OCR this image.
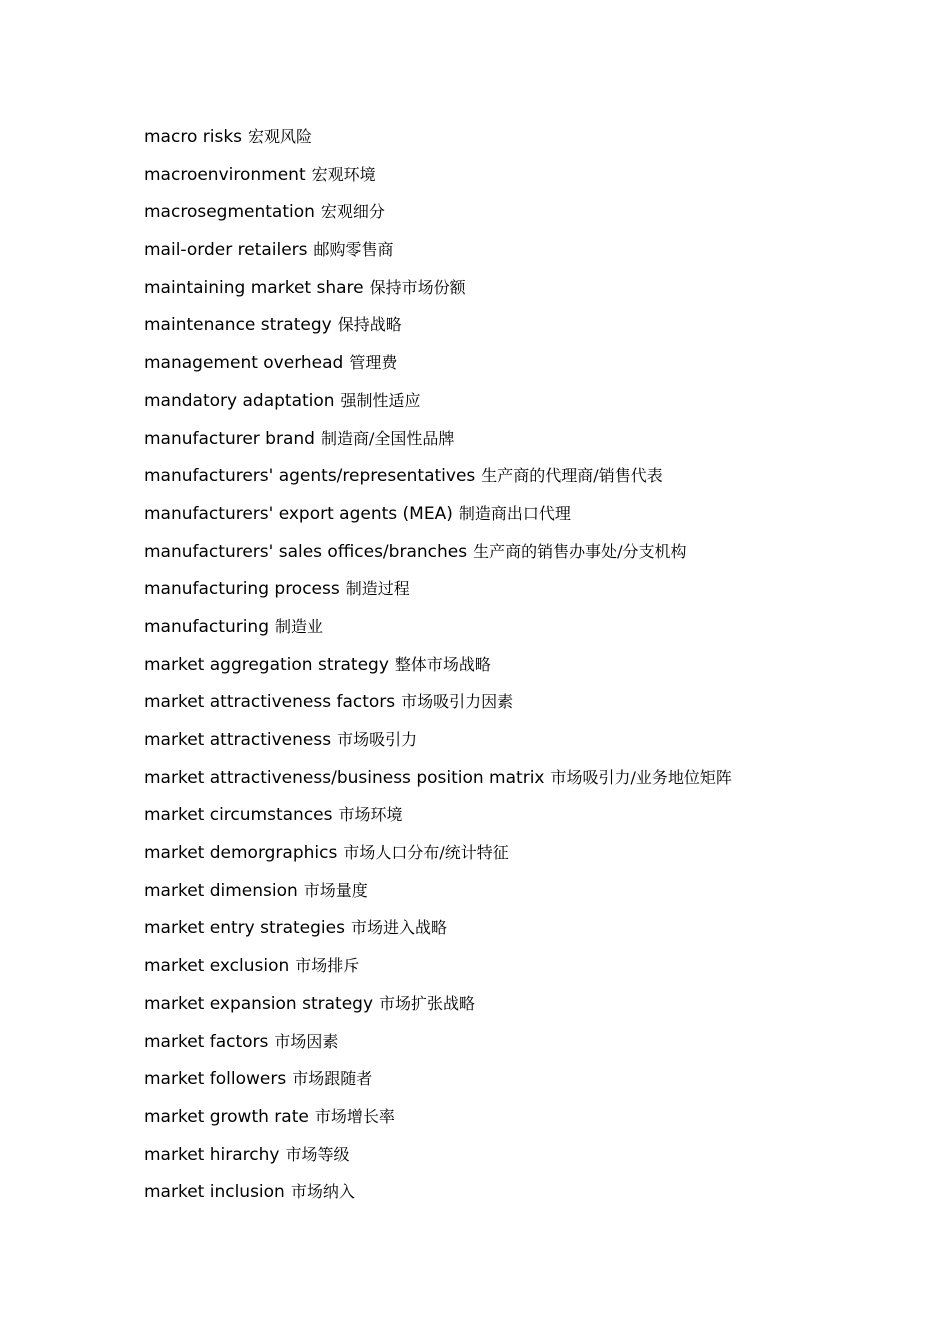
macro risks 宏观风险
macroenvironment 宏观环境
macrosegmentation 宏观细分
mail-order retailers 邮购零售商
maintaining market share 保持市场份额
maintenance strategy 保持战略
management overhead 管理费
mandatory adaptation 强制性适应
manufacturer brand 制造商/全国性品牌
manufacturers' agents/representatives 生产商的代理商/销售代表
manufacturers' export agents (MEA) 制造商出口代理
manufacturers' sales offices/branches 生产商的销售办事处/分支机构
manufacturing process 制造过程
manufacturing 制造业
market aggregation strategy 整体市场战略
market attractiveness factors 市场吸引力因素
market attractiveness 市场吸引力
market attractiveness/business position matrix 市场吸引力/业务地位矩阵
market circumstances 市场环境
market demorgraphics 市场人口分布/统计特征
market dimension 市场量度
market entry strategies 市场进入战略
market exclusion 市场排斥
market expansion strategy 市场扩张战略
market factors 市场因素
market followers 市场跟随者
market growth rate 市场增长率
market hirarchy 市场等级
market inclusion 市场纳入
